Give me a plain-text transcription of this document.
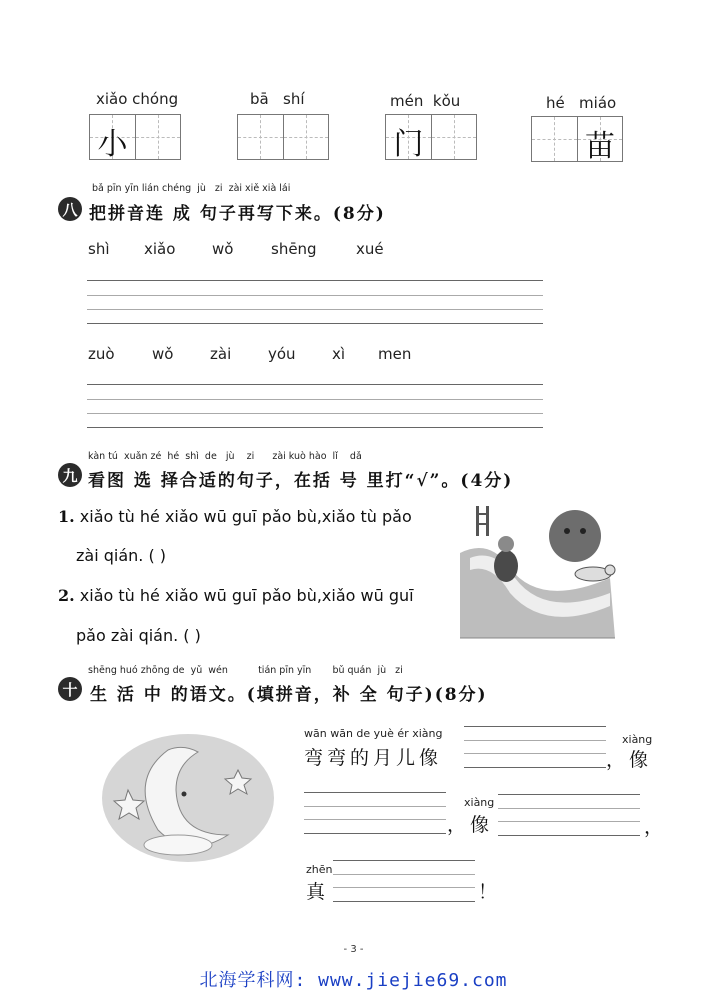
xiǎo chóng
小
bā   shí	mén  kǒu
门
hé   miáo
苗
bǎ pīn yīn lián chéng  jù   zi  zài xiě xià lái
八 把拼音连 成 句子再写下来。(8分)
shì xiǎo wǒ	shēng	xué
zuò wǒ zài yóu xì men
kàn tú  xuǎn zé  hé  shì  de   jù    zi      zài kuò hào  lǐ    dǎ
九 看图 选 择合适的句子，在括 号 里打“√”。(4分)
1. xiǎo tù hé xiǎo wū guī pǎo bù,xiǎo tù pǎo
zài qián. ( )
2. xiǎo tù hé xiǎo wū guī pǎo bù,xiǎo wū guī
pǎo zài qián. ( )
shēng huó zhōng de  yǔ  wén          tián pīn yīn       bǔ quán  jù   zi
十 生 活 中 的语文。(填拼音，补 全 句子)(8分)
wān wān de yuè ér xiàng
弯弯的月儿像
xiàng
，像
xiàng
，像	，
zhēn
真	！
- 3 -
北海学科网: www.jiejie69.com
